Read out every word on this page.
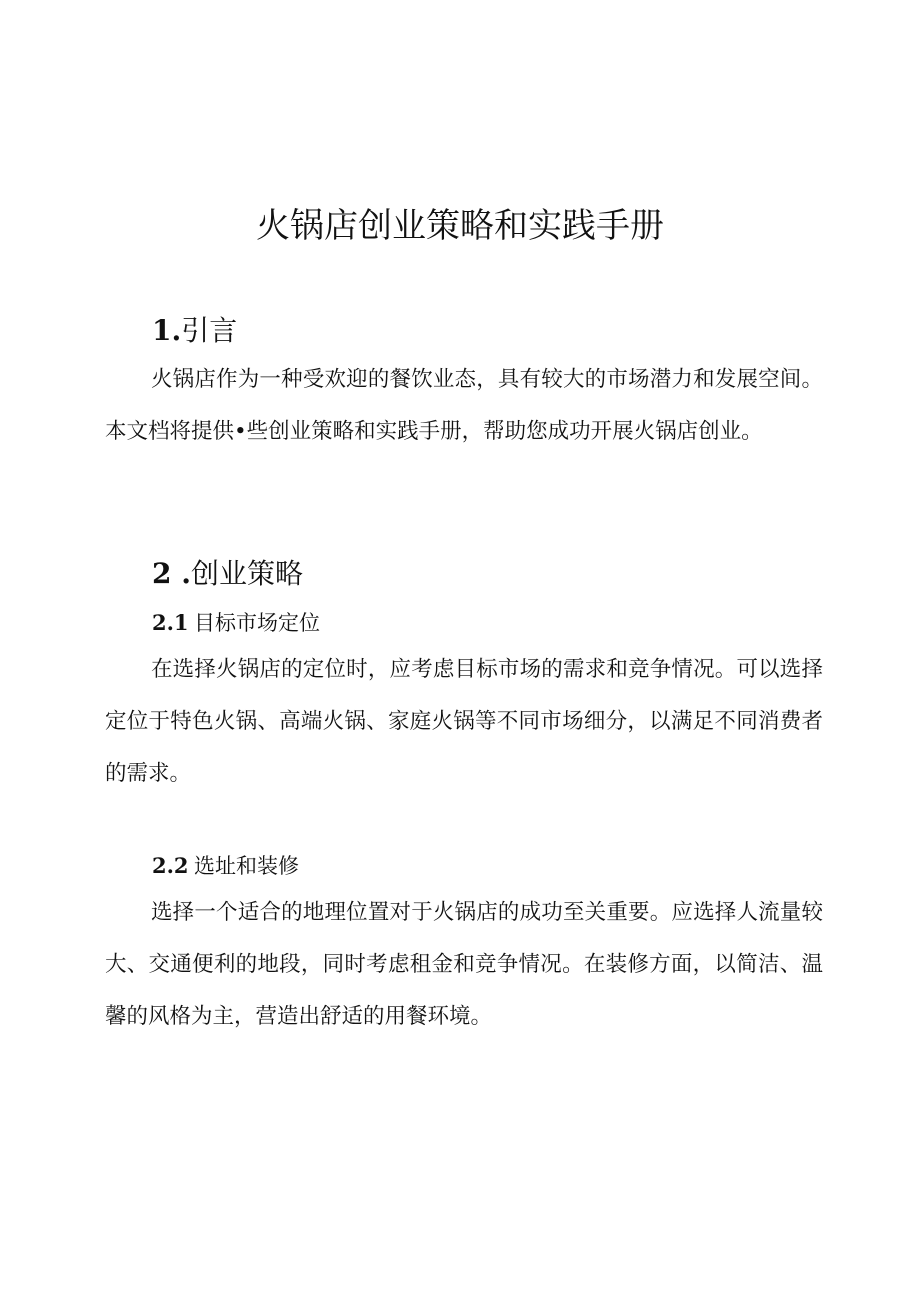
火锅店创业策略和实践手册
1.引言

火锅店作为一种受欢迎的餐饮业态，具有较大的市场潜力和发展空间。本文档将提供•些创业策略和实践手册，帮助您成功开展火锅店创业。

2 .创业策略
2.1 目标市场定位

在选择火锅店的定位时，应考虑目标市场的需求和竞争情况。可以选择定位于特色火锅、高端火锅、家庭火锅等不同市场细分，以满足不同消费者的需求。

2.2 选址和装修

选择一个适合的地理位置对于火锅店的成功至关重要。应选择人流量较大、交通便利的地段，同时考虑租金和竞争情况。在装修方面，以简洁、温馨的风格为主，营造出舒适的用餐环境。
